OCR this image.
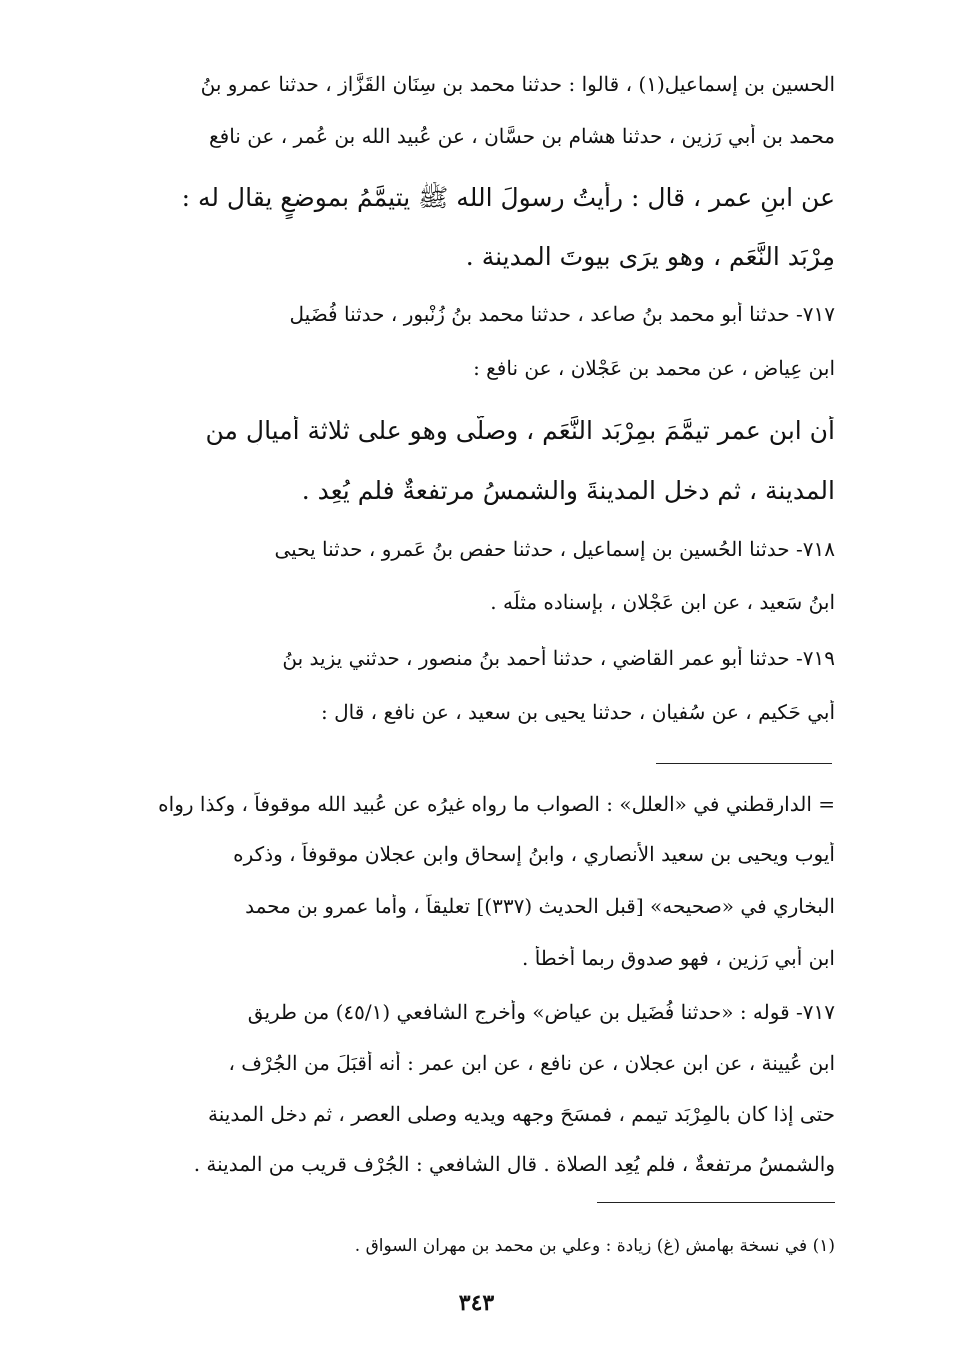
الحسين بن إسماعيل(١) ، قالوا : حدثنا محمد بن سِنَان القَزَّاز ، حدثنا عمرو بنُ
محمد بن أبي رَزين ، حدثنا هشام بن حسَّان ، عن عُبيد الله بن عُمر ، عن نافع
عن ابنِ عمر ، قال : رأيتُ رسولَ الله ﷺ يتيمَّمُ بموضعٍ يقال له :
مِرْبَد النَّعَم ، وهو يرَى بيوتَ المدينة .
٧١٧- حدثنا أبو محمد بنُ صاعد ، حدثنا محمد بنُ زُنْبور ، حدثنا فُضَيل
ابن عِياض ، عن محمد بن عَجْلان ، عن نافع :
أن ابن عمر تيمَّمَ بمِرْبَد النَّعَم ، وصلَّى وهو على ثلاثة أميالٍ من
المدينة ، ثم دخل المدينةَ والشمسُ مرتفعةٌ فلم يُعِد .
٧١٨- حدثنا الحُسين بن إسماعيل ، حدثنا حفص بنُ عَمرو ، حدثنا يحيى
ابنُ سَعيد ، عن ابن عَجْلان ، بإسناده مثلَه .
٧١٩- حدثنا أبو عمر القاضي ، حدثنا أحمد بنُ منصور ، حدثني يزيد بنُ
أبي حَكيم ، عن سُفيان ، حدثنا يحيى بن سعيد ، عن نافعٍ ، قال :
= الدارقطني في «العلل» : الصواب ما رواه غيرُه عن عُبيد الله موقوفاً ، وكذا رواه
أيوب ويحيى بن سعيد الأنصاري ، وابنُ إسحاق وابن عجلان موقوفاً ، وذكره
البخاري في «صحيحه» [قبل الحديث (٣٣٧)] تعليقاً ، وأما عمرو بن محمد
ابن أبي رَزين ، فهو صدوق ربما أخطأ .
٧١٧- قوله : «حدثنا فُضَيل بن عياض» وأخرج الشافعي (٤٥/١) من طريق
ابن عُيينة ، عن ابن عجلان ، عن نافع ، عن ابن عمر : أنه أقبَلَ من الجُرْف ،
حتى إذا كان بالمِرْبَد تيمم ، فمسَحَ وجهه ويديه وصلى العصر ، ثم دخل المدينة
والشمسُ مرتفعةٌ ، فلم يُعِد الصلاة . قال الشافعي : الجُرْف قريب من المدينة .
(١) في نسخة بهامش (غ) زيادة : وعلي بن محمد بن مهران السواق .
٣٤٣
